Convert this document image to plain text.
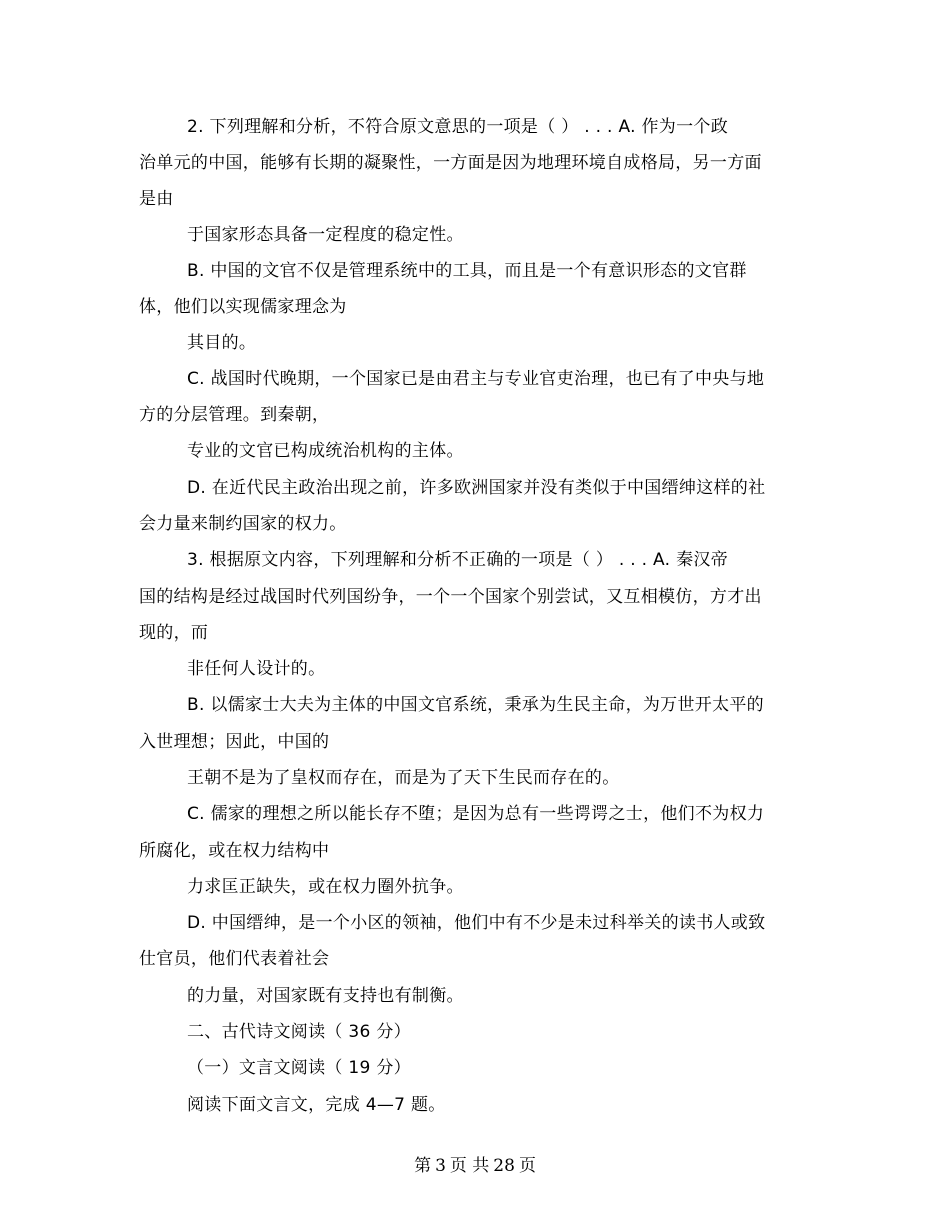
2. 下列理解和分析，不符合原文意思的一项是（ ） . . . A. 作为一个政
治单元的中国，能够有长期的凝聚性，一方面是因为地理环境自成格局，另一方面
是由
于国家形态具备一定程度的稳定性。
B. 中国的文官不仅是管理系统中的工具，而且是一个有意识形态的文官群
体，他们以实现儒家理念为
其目的。
C. 战国时代晚期，一个国家已是由君主与专业官吏治理，也已有了中央与地
方的分层管理。到秦朝，
专业的文官已构成统治机构的主体。
D. 在近代民主政治出现之前，许多欧洲国家并没有类似于中国缙绅这样的社
会力量来制约国家的权力。
3. 根据原文内容，下列理解和分析不正确的一项是（ ） . . . A. 秦汉帝
国的结构是经过战国时代列国纷争，一个一个国家个别尝试，又互相模仿，方才出
现的，而
非任何人设计的。
B. 以儒家士大夫为主体的中国文官系统，秉承为生民主命，为万世开太平的
入世理想；因此，中国的
王朝不是为了皇权而存在，而是为了天下生民而存在的。
C. 儒家的理想之所以能长存不堕；是因为总有一些谔谔之士，他们不为权力
所腐化，或在权力结构中
力求匡正缺失，或在权力圈外抗争。
D. 中国缙绅，是一个小区的领袖，他们中有不少是未过科举关的读书人或致
仕官员，他们代表着社会
的力量，对国家既有支持也有制衡。
二、古代诗文阅读（ 36 分）
（一）文言文阅读（ 19 分）
阅读下面文言文，完成 4—7 题。
第 3 页 共 28 页
